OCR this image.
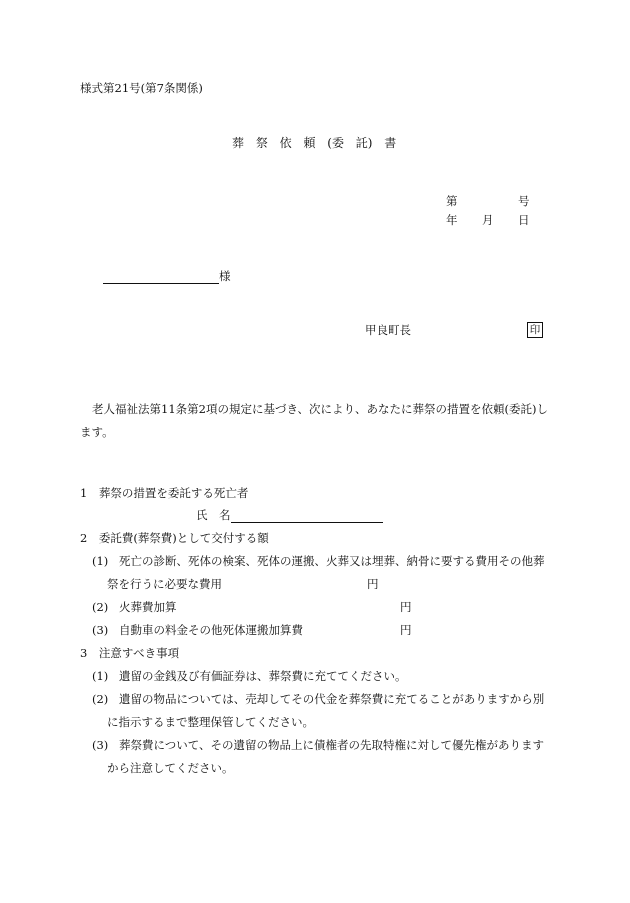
様式第21号(第7条関係)
葬 祭 依 頼 (委 託) 書
第	号
年 月 日
様
甲良町長	印
老人福祉法第11条第2項の規定に基づき、次により、あなたに葬祭の措置を依頼(委託)し
ます。
1　葬祭の措置を委託する死亡者
氏　名
2　委託費(葬祭費)として交付する額
(1) 死亡の診断、死体の検案、死体の運搬、火葬又は埋葬、納骨に要する費用その他葬
祭を行うに必要な費用	円
(2) 火葬費加算	円
(3) 自動車の料金その他死体運搬加算費	円
3　注意すべき事項
(1) 遺留の金銭及び有価証券は、葬祭費に充ててください。
(2) 遺留の物品については、売却してその代金を葬祭費に充てることがありますから別
に指示するまで整理保管してください。
(3) 葬祭費について、その遺留の物品上に債権者の先取特権に対して優先権があります
から注意してください。
